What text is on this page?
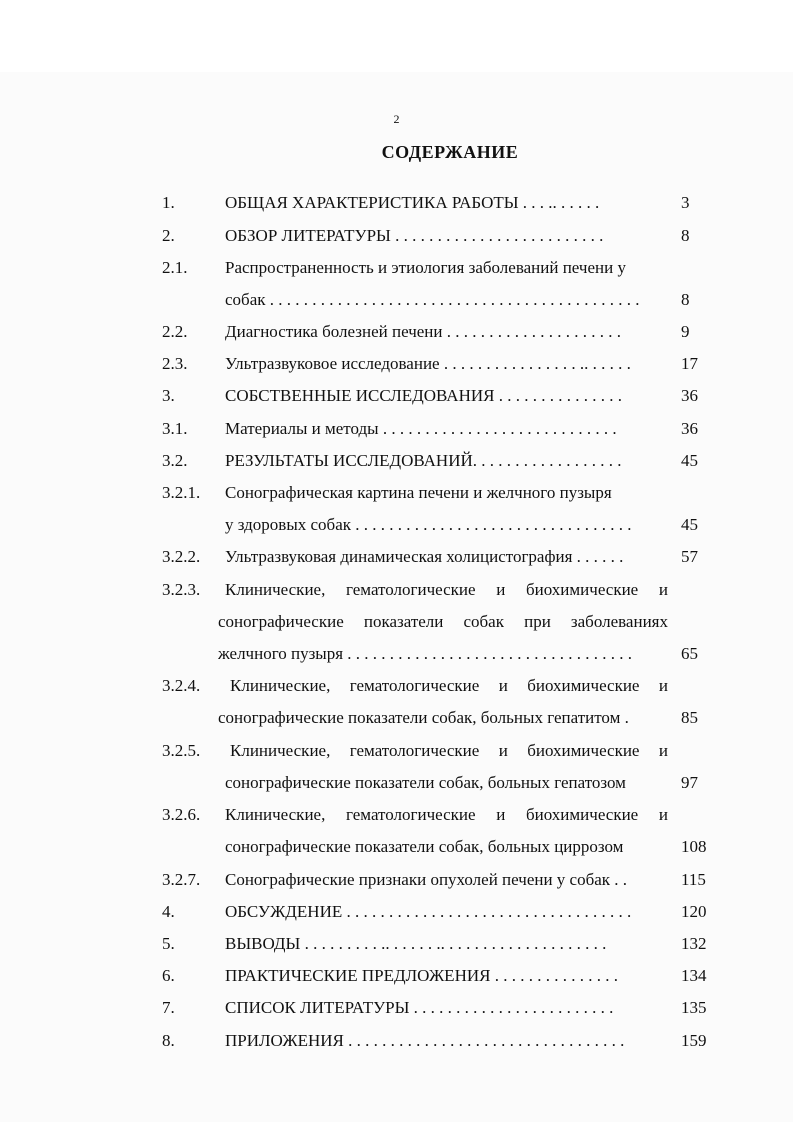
2
СОДЕРЖАНИЕ
1.	ОБЩАЯ ХАРАКТЕРИСТИКА РАБОТЫ . . . .. . . . . .	3
2.	ОБЗОР ЛИТЕРАТУРЫ . . . . . . . . . . . . . . . . . . . . . . . . .	8
2.1. Распространенность и этиология заболеваний печени у
собак . . . . . . . . . . . . . . . . . . . . . . . . . . . . . . . . . . . . . . . . . . . .	8
2.2. Диагностика болезней печени . . . . . . . . . . . . . . . . . . . . .	9
2.3. Ультразвуковое исследование . . . . . . . . . . . . . . . . .. . . . . .	17
3.	СОБСТВЕННЫЕ ИССЛЕДОВАНИЯ . . . . . . . . . . . . . . .	36
3.1. Материалы и методы . . . . . . . . . . . . . . . . . . . . . . . . . . . .	36
3.2. РЕЗУЛЬТАТЫ ИССЛЕДОВАНИЙ. . . . . . . . . . . . . . . . . .	45
3.2.1. Сонографическая картина печени и желчного пузыря
у здоровых собак . . . . . . . . . . . . . . . . . . . . . . . . . . . . . . . . .	45
3.2.2. Ультразвуковая динамическая холицистография . . . . . .	57
3.2.3. Клинические, гематологические и биохимические и
сонографические показатели собак при заболеваниях
желчного пузыря . . . . . . . . . . . . . . . . . . . . . . . . . . . . . . . . . .	65
3.2.4. Клинические, гематологические и биохимические и
сонографические показатели собак, больных гепатитом .	85
3.2.5. Клинические, гематологические и биохимические и
сонографические показатели собак, больных гепатозом	97
3.2.6. Клинические, гематологические и биохимические и
сонографические показатели собак, больных циррозом	108
3.2.7. Сонографические признаки опухолей печени у собак . .	115
4.	ОБСУЖДЕНИЕ . . . . . . . . . . . . . . . . . . . . . . . . . . . . . . . . . .	120
5.	ВЫВОДЫ . . . . . . . . . .. . . . . . .. . . . . . . . . . . . . . . . . . . .	132
6.	ПРАКТИЧЕСКИЕ ПРЕДЛОЖЕНИЯ . . . . . . . . . . . . . . .	134
7.	СПИСОК ЛИТЕРАТУРЫ . . . . . . . . . . . . . . . . . . . . . . . .	135
8.	ПРИЛОЖЕНИЯ . . . . . . . . . . . . . . . . . . . . . . . . . . . . . . . . .	159
